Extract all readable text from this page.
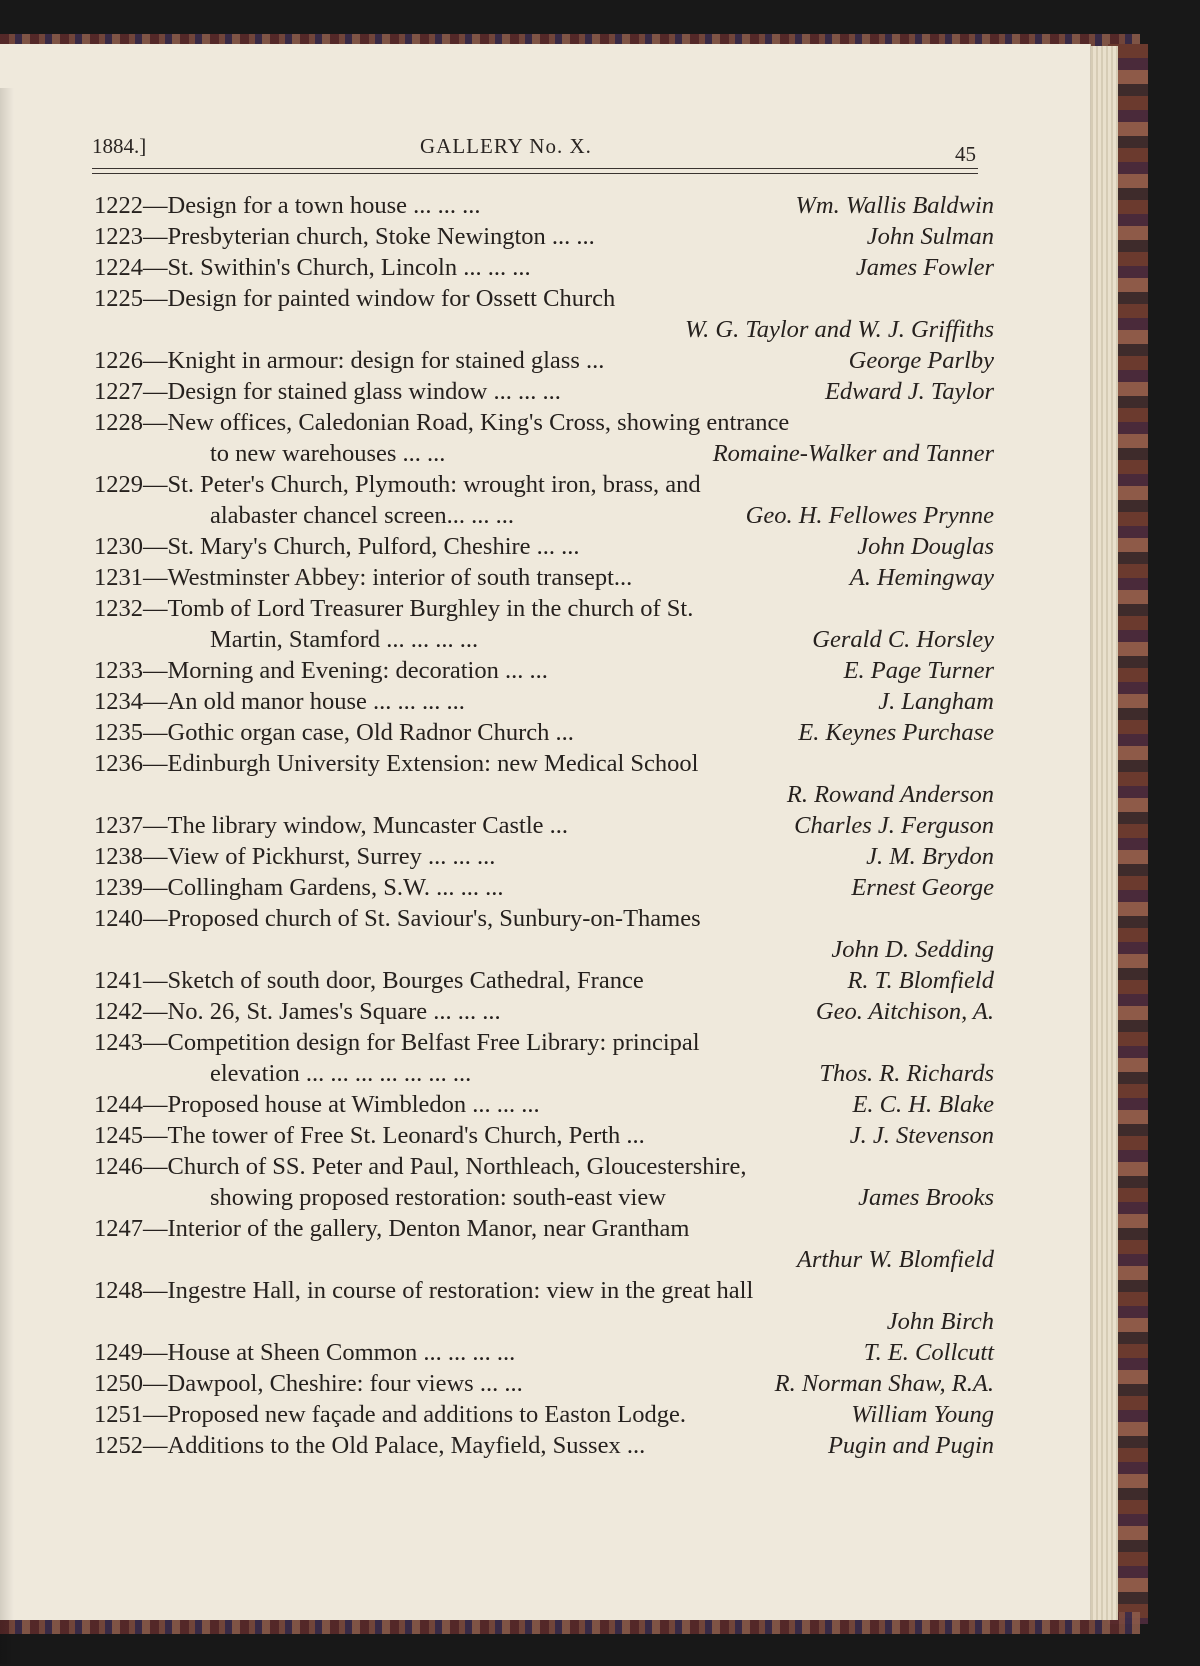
1884.]	GALLERY No. X.	45
1222—Design for a town house ... ... ...	Wm. Wallis Baldwin
1223—Presbyterian church, Stoke Newington ... ...	John Sulman
1224—St. Swithin's Church, Lincoln ... ... ...	James Fowler
1225—Design for painted window for Ossett Church
W. G. Taylor and W. J. Griffiths
1226—Knight in armour: design for stained glass ...	George Parlby
1227—Design for stained glass window ... ... ...	Edward J. Taylor
1228—New offices, Caledonian Road, King's Cross, showing entrance
to new warehouses ... ...	Romaine-Walker and Tanner
1229—St. Peter's Church, Plymouth: wrought iron, brass, and
alabaster chancel screen... ... ...	Geo. H. Fellowes Prynne
1230—St. Mary's Church, Pulford, Cheshire ... ...	John Douglas
1231—Westminster Abbey: interior of south transept...	A. Hemingway
1232—Tomb of Lord Treasurer Burghley in the church of St.
Martin, Stamford ... ... ... ...	Gerald C. Horsley
1233—Morning and Evening: decoration ... ...	E. Page Turner
1234—An old manor house ... ... ... ...	J. Langham
1235—Gothic organ case, Old Radnor Church ...	E. Keynes Purchase
1236—Edinburgh University Extension: new Medical School
R. Rowand Anderson
1237—The library window, Muncaster Castle ...	Charles J. Ferguson
1238—View of Pickhurst, Surrey ... ... ...	J. M. Brydon
1239—Collingham Gardens, S.W. ... ... ...	Ernest George
1240—Proposed church of St. Saviour's, Sunbury-on-Thames
John D. Sedding
1241—Sketch of south door, Bourges Cathedral, France	R. T. Blomfield
1242—No. 26, St. James's Square ... ... ...	Geo. Aitchison, A.
1243—Competition design for Belfast Free Library: principal
elevation ... ... ... ... ... ... ...	Thos. R. Richards
1244—Proposed house at Wimbledon ... ... ...	E. C. H. Blake
1245—The tower of Free St. Leonard's Church, Perth ...	J. J. Stevenson
1246—Church of SS. Peter and Paul, Northleach, Gloucestershire,
showing proposed restoration: south-east view	James Brooks
1247—Interior of the gallery, Denton Manor, near Grantham
Arthur W. Blomfield
1248—Ingestre Hall, in course of restoration: view in the great hall
John Birch
1249—House at Sheen Common ... ... ... ...	T. E. Collcutt
1250—Dawpool, Cheshire: four views ... ...	R. Norman Shaw, R.A.
1251—Proposed new façade and additions to Easton Lodge.	William Young
1252—Additions to the Old Palace, Mayfield, Sussex ...	Pugin and Pugin
